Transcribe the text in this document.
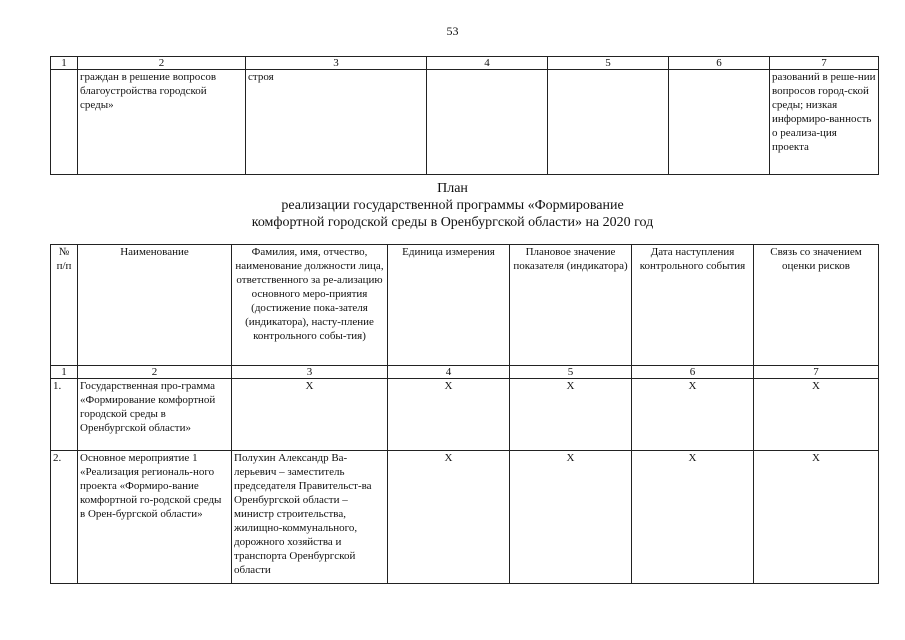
53
1	2	3	4	5	6	7
	граждан в решение вопросов благоустройства городской среды»	строя				разований в реше-нии вопросов город-ской среды; низкая информиро-ванность о реализа-ция проекта
План
реализации государственной программы «Формирование
комфортной городской среды в Оренбургской области» на 2020 год
№ п/п	Наименование	Фамилия, имя, отчество, наименование должности лица, ответственного за ре-ализацию основного меро-приятия (достижение пока-зателя (индикатора), насту-пление контрольного собы-тия)	Единица измерения	Плановое значение показателя (индикатора)	Дата наступления контрольного события	Связь со значением оценки рисков
1	2	3	4	5	6	7
1.	Государственная про-грамма «Формирование комфортной городской среды в Оренбургской области»	Х	Х	Х	Х	Х
2.	Основное мероприятие 1 «Реализация региональ-ного проекта «Формиро-вание комфортной го-родской среды в Орен-бургской области»	Полухин Александр Ва-лерьевич – заместитель председателя Правительст-ва Оренбургской области – министр строительства, жилищно-коммунального, дорожного хозяйства и транспорта Оренбургской области	Х	Х	Х	Х
